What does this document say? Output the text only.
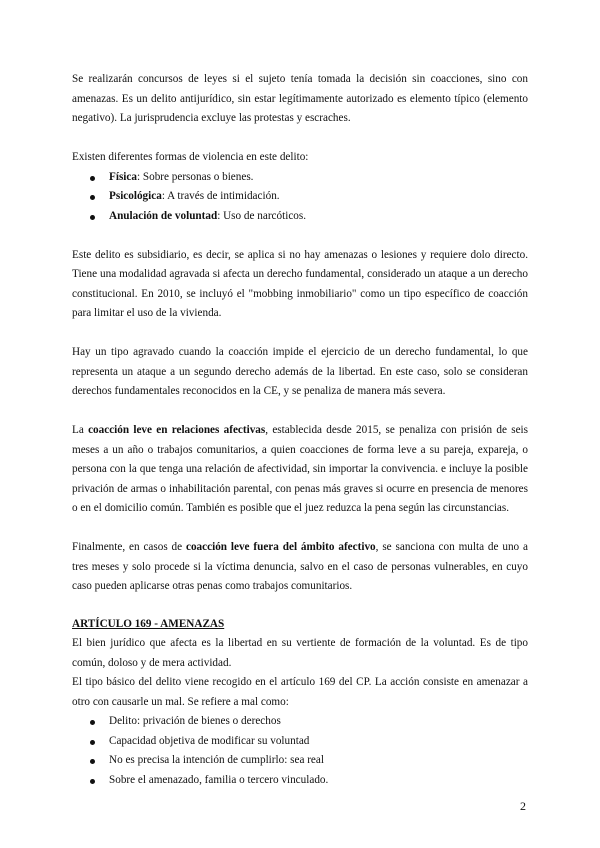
Se realizarán concursos de leyes si el sujeto tenía tomada la decisión sin coacciones, sino con amenazas. Es un delito antijurídico, sin estar legítimamente autorizado es elemento típico (elemento negativo). La jurisprudencia excluye las protestas y escraches.

Existen diferentes formas de violencia en este delito:

Física: Sobre personas o bienes.
Psicológica: A través de intimidación.
Anulación de voluntad: Uso de narcóticos.

Este delito es subsidiario, es decir, se aplica si no hay amenazas o lesiones y requiere dolo directo. Tiene una modalidad agravada si afecta un derecho fundamental, considerado un ataque a un derecho constitucional. En 2010, se incluyó el "mobbing inmobiliario" como un tipo específico de coacción para limitar el uso de la vivienda.

Hay un tipo agravado cuando la coacción impide el ejercicio de un derecho fundamental, lo que representa un ataque a un segundo derecho además de la libertad. En este caso, solo se consideran derechos fundamentales reconocidos en la CE, y se penaliza de manera más severa.

La coacción leve en relaciones afectivas, establecida desde 2015, se penaliza con prisión de seis meses a un año o trabajos comunitarios, a quien coacciones de forma leve a su pareja, expareja, o persona con la que tenga una relación de afectividad, sin importar la convivencia. e incluye la posible privación de armas o inhabilitación parental, con penas más graves si ocurre en presencia de menores o en el domicilio común. También es posible que el juez reduzca la pena según las circunstancias.

Finalmente, en casos de coacción leve fuera del ámbito afectivo, se sanciona con multa de uno a tres meses y solo procede si la víctima denuncia, salvo en el caso de personas vulnerables, en cuyo caso pueden aplicarse otras penas como trabajos comunitarios.

ARTÍCULO 169 - AMENAZAS

El bien jurídico que afecta es la libertad en su vertiente de formación de la voluntad. Es de tipo común, doloso y de mera actividad.

El tipo básico del delito viene recogido en el artículo 169 del CP. La acción consiste en amenazar a otro con causarle un mal. Se refiere a mal como:

Delito: privación de bienes o derechos
Capacidad objetiva de modificar su voluntad
No es precisa la intención de cumplirlo: sea real
Sobre el amenazado, familia o tercero vinculado.
2
